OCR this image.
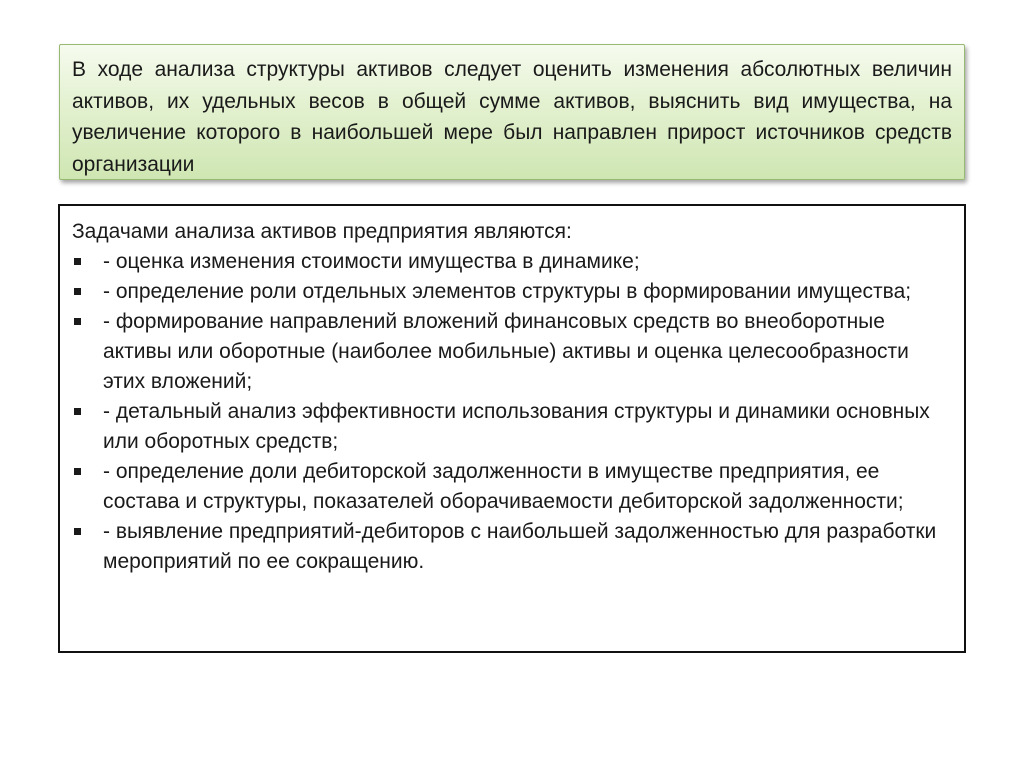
В ходе анализа структуры активов следует оценить изменения абсолютных величин активов, их удельных весов в общей сумме активов, выяснить вид имущества, на увеличение которого в наибольшей мере был направлен прирост источников средств организации

Задачами анализа активов предприятия являются:

- оценка изменения стоимости имущества в динамике;
- определение роли отдельных элементов структуры в формировании имущества;
- формирование направлений вложений финансовых средств во внеоборотные активы или оборотные (наиболее мобильные) активы и оценка целесообразности этих вложений;
- детальный анализ эффективности использования структуры и динамики основных или оборотных средств;
- определение доли дебиторской задолженности в имуществе предприятия, ее состава и структуры, показателей оборачиваемости дебиторской задолженности;
- выявление предприятий-дебиторов с наибольшей задолженностью для разработки мероприятий по ее сокращению.
